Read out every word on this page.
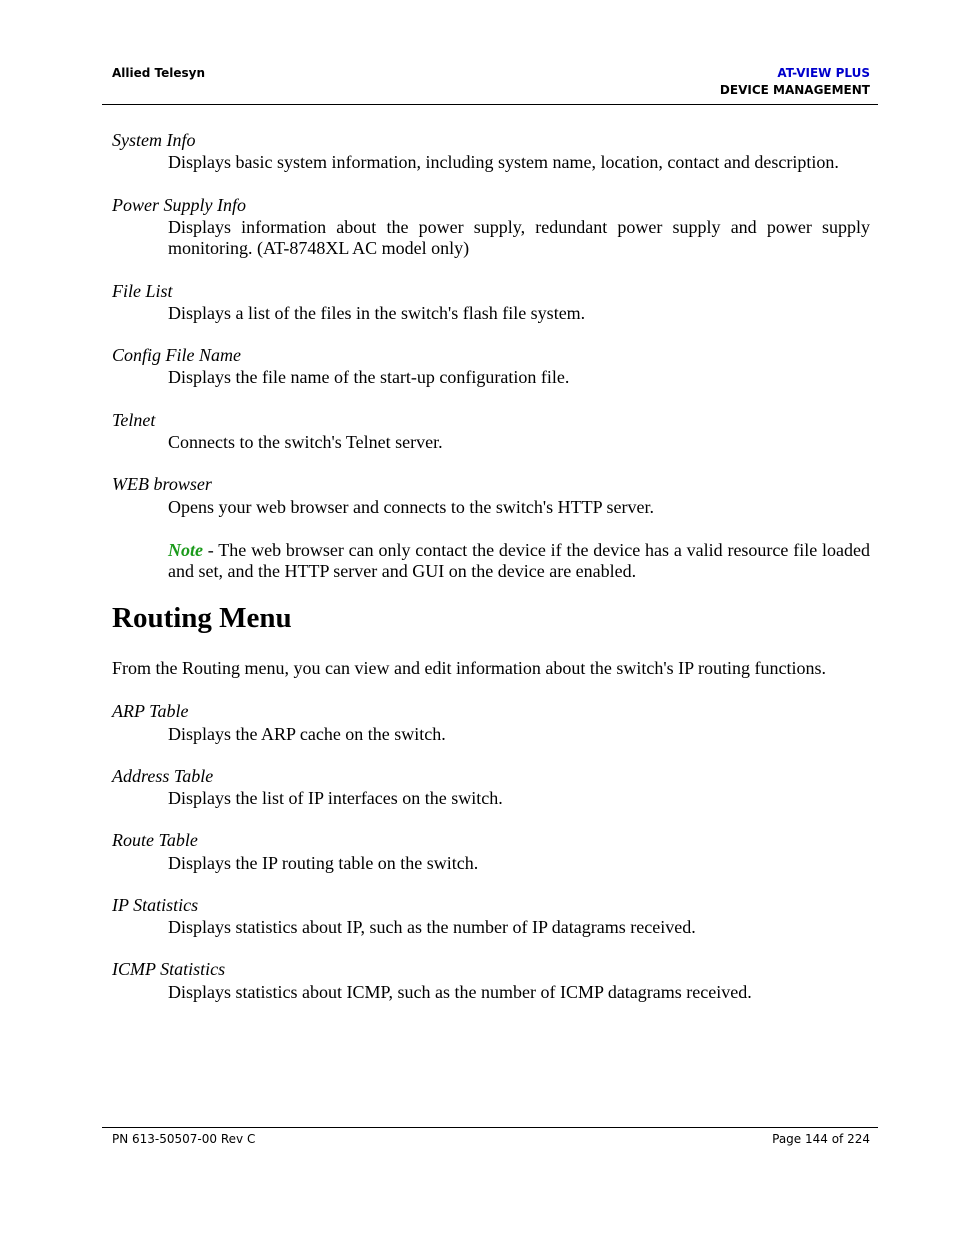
Allied Telesyn	AT-VIEW PLUS
DEVICE MANAGEMENT
System Info
Displays basic system information, including system name, location, contact and description.
Power Supply Info
Displays information about the power supply, redundant power supply and power supply monitoring. (AT-8748XL AC model only)
File List
Displays a list of the files in the switch's flash file system.
Config File Name
Displays the file name of the start-up configuration file.
Telnet
Connects to the switch's Telnet server.
WEB browser
Opens your web browser and connects to the switch's HTTP server.
Note - The web browser can only contact the device if the device has a valid resource file loaded and set, and the HTTP server and GUI on the device are enabled.
Routing Menu
From the Routing menu, you can view and edit information about the switch's IP routing functions.
ARP Table
Displays the ARP cache on the switch.
Address Table
Displays the list of IP interfaces on the switch.
Route Table
Displays the IP routing table on the switch.
IP Statistics
Displays statistics about IP, such as the number of IP datagrams received.
ICMP Statistics
Displays statistics about ICMP, such as the number of ICMP datagrams received.
PN 613-50507-00 Rev C	Page 144 of 224
